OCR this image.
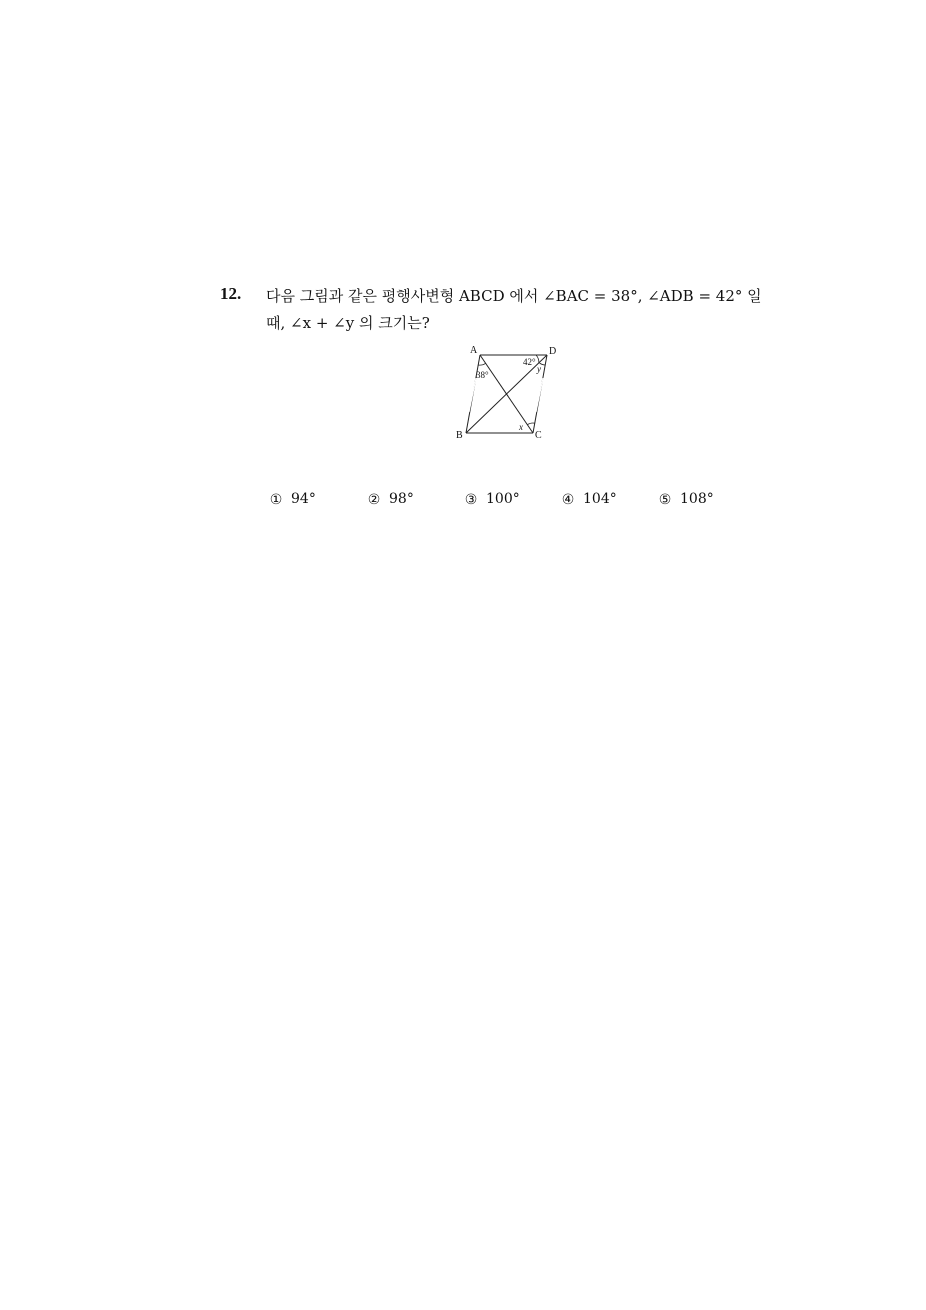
12. 다음 그림과 같은 평행사변형 ABCD 에서 ∠BAC = 38°, ∠ADB = 42° 일
때, ∠x + ∠y 의 크기는?
A	D
B	C
38°
42°
y
x
① 94°	② 98°	③ 100°	④ 104°	⑤ 108°
